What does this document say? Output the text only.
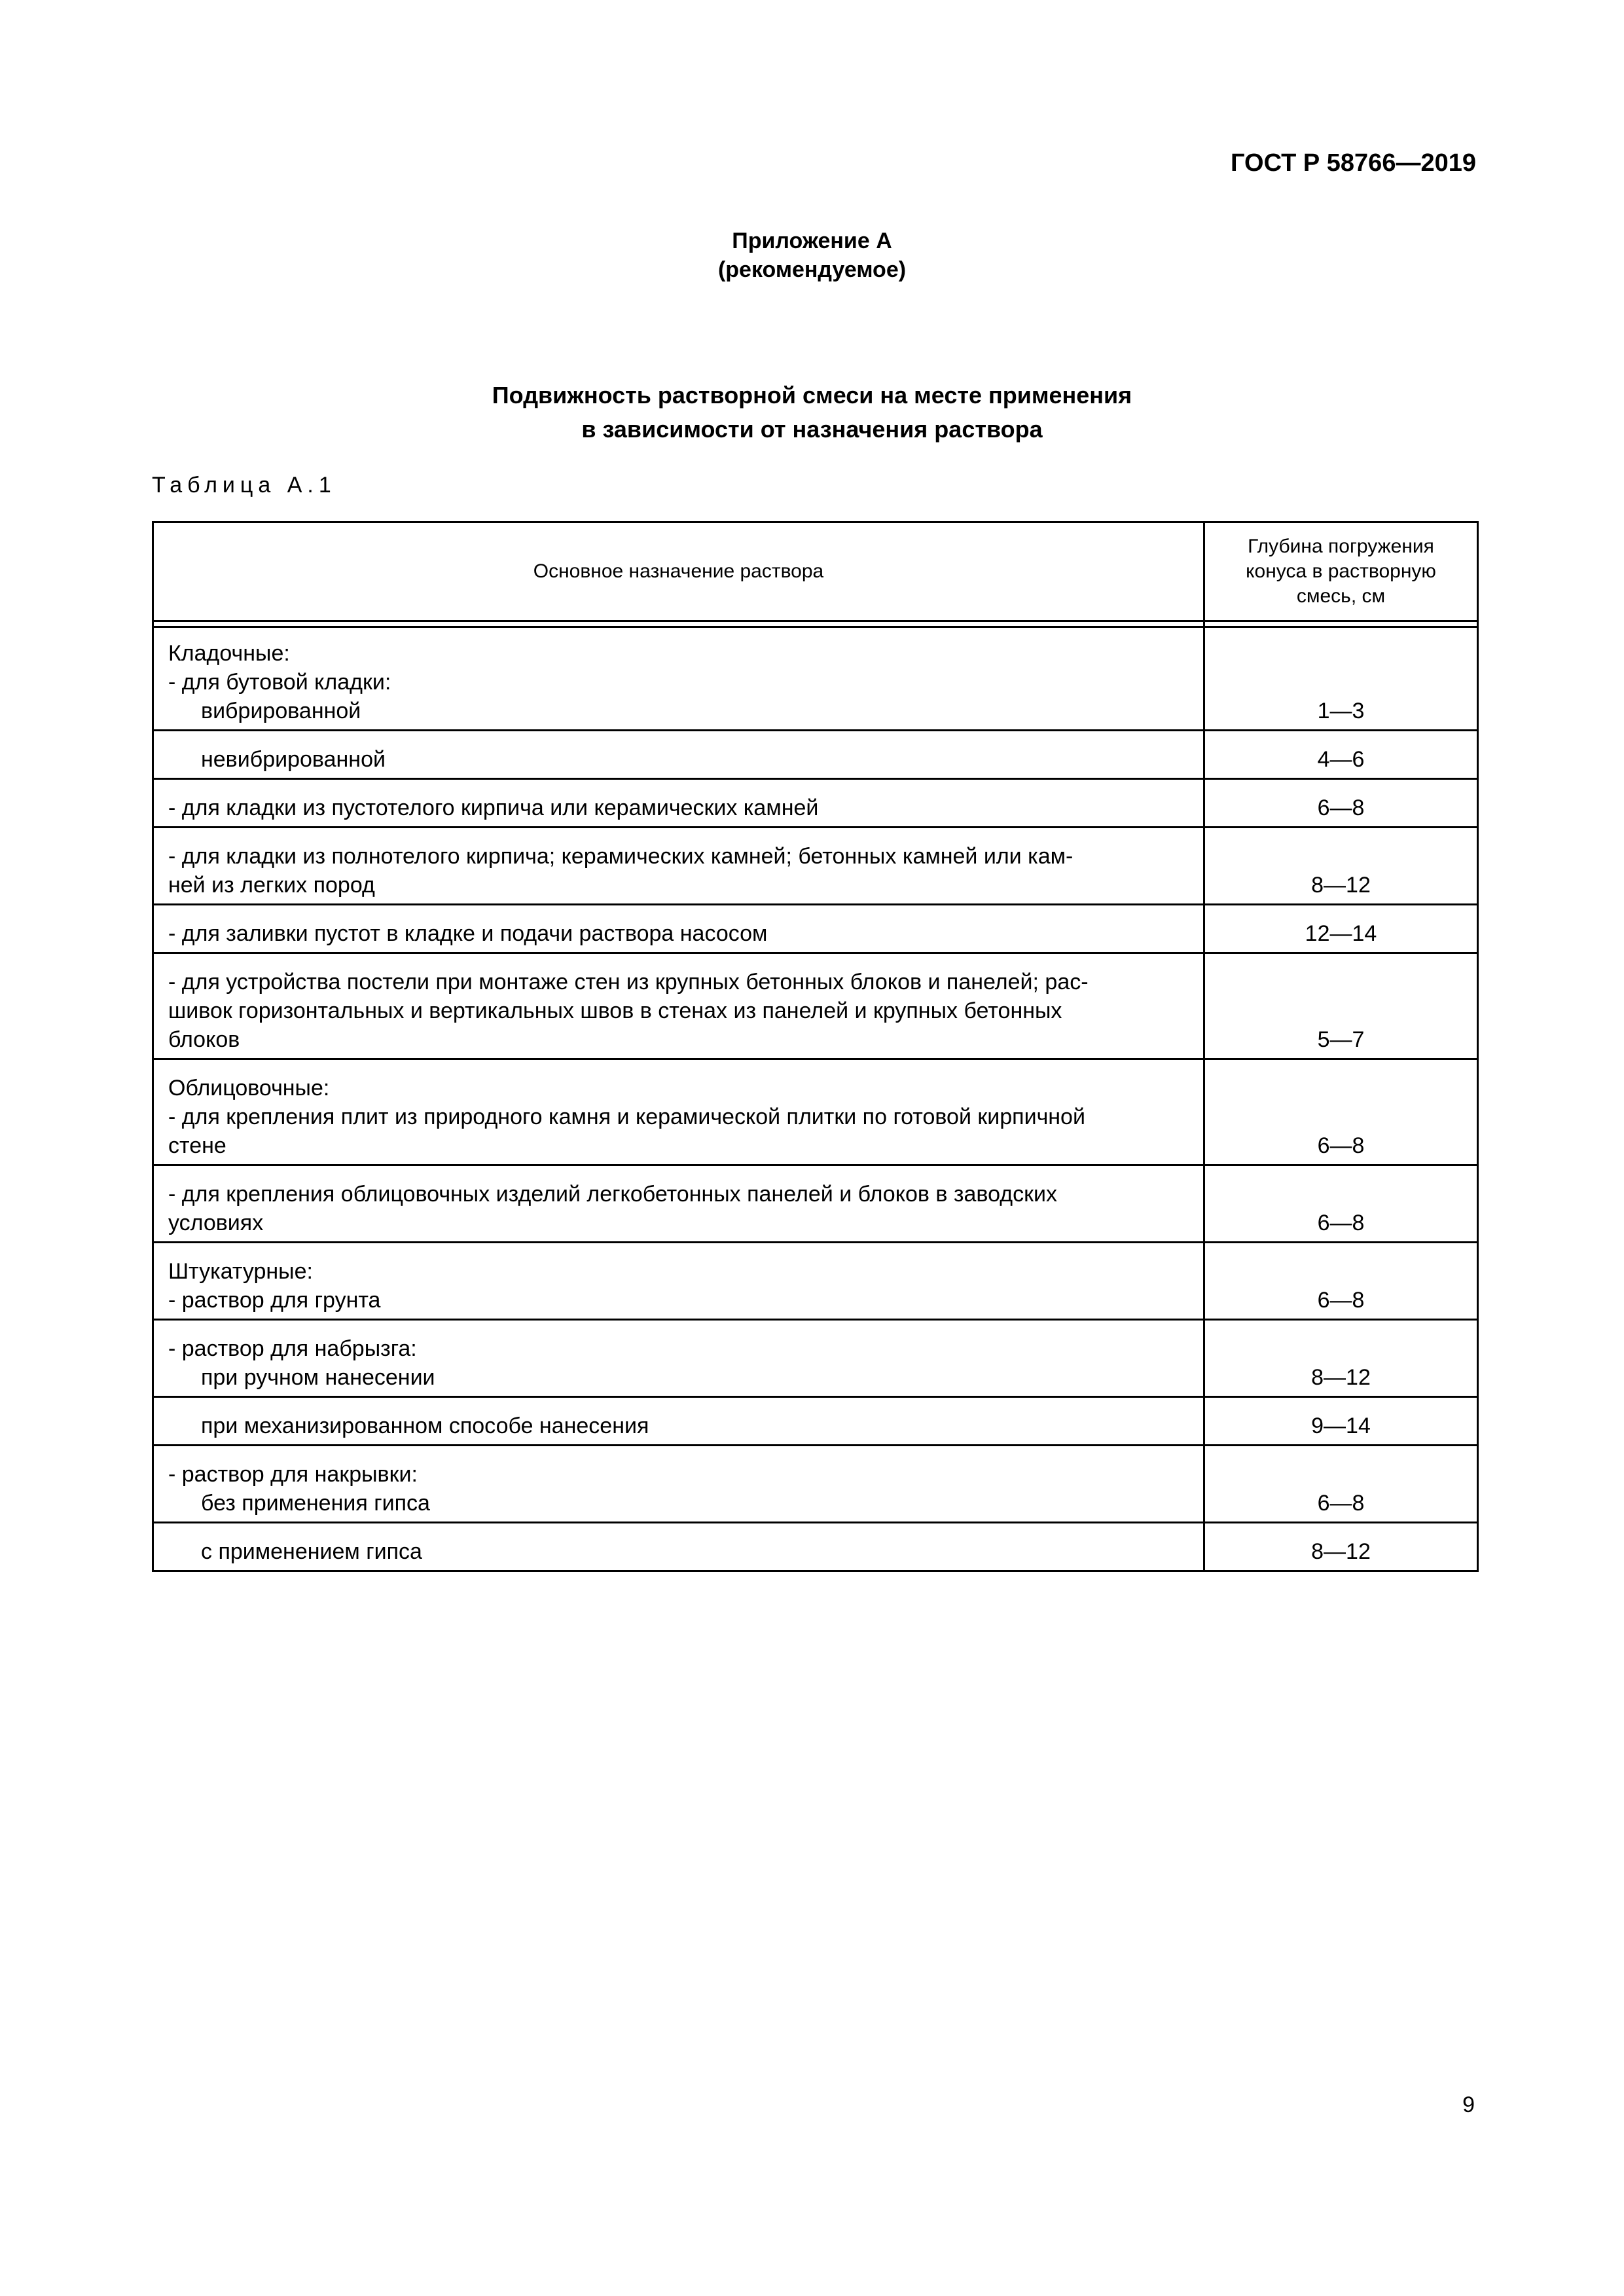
ГОСТ Р 58766—2019
Приложение А
(рекомендуемое)
Подвижность растворной смеси на месте применения
в зависимости от назначения раствора
Таблица А.1
Основное назначение раствора	Глубина погружения
конуса в растворную
смесь, см

Кладочные:
- для бутовой кладки:
вибрированной	1—3

невибрированной	4—6
- для кладки из пустотелого кирпича или керамических камней	6—8

- для кладки из полнотелого кирпича; керамических камней; бетонных камней или кам-
ней из легких пород	8—12
- для заливки пустот в кладке и подачи раствора насосом	12—14

- для устройства постели при монтаже стен из крупных бетонных блоков и панелей; рас-
шивок горизонтальных и вертикальных швов в стенах из панелей и крупных бетонных
блоков	5—7

Облицовочные:
- для крепления плит из природного камня и керамической плитки по готовой кирпичной
стене	6—8

- для крепления облицовочных изделий легкобетонных панелей и блоков в заводских
условиях	6—8

Штукатурные:
- раствор для грунта	6—8

- раствор для набрызга:
при ручном нанесении	8—12

при механизированном способе нанесения	9—14

- раствор для накрывки:
без применения гипса	6—8

с применением гипса	8—12
9
